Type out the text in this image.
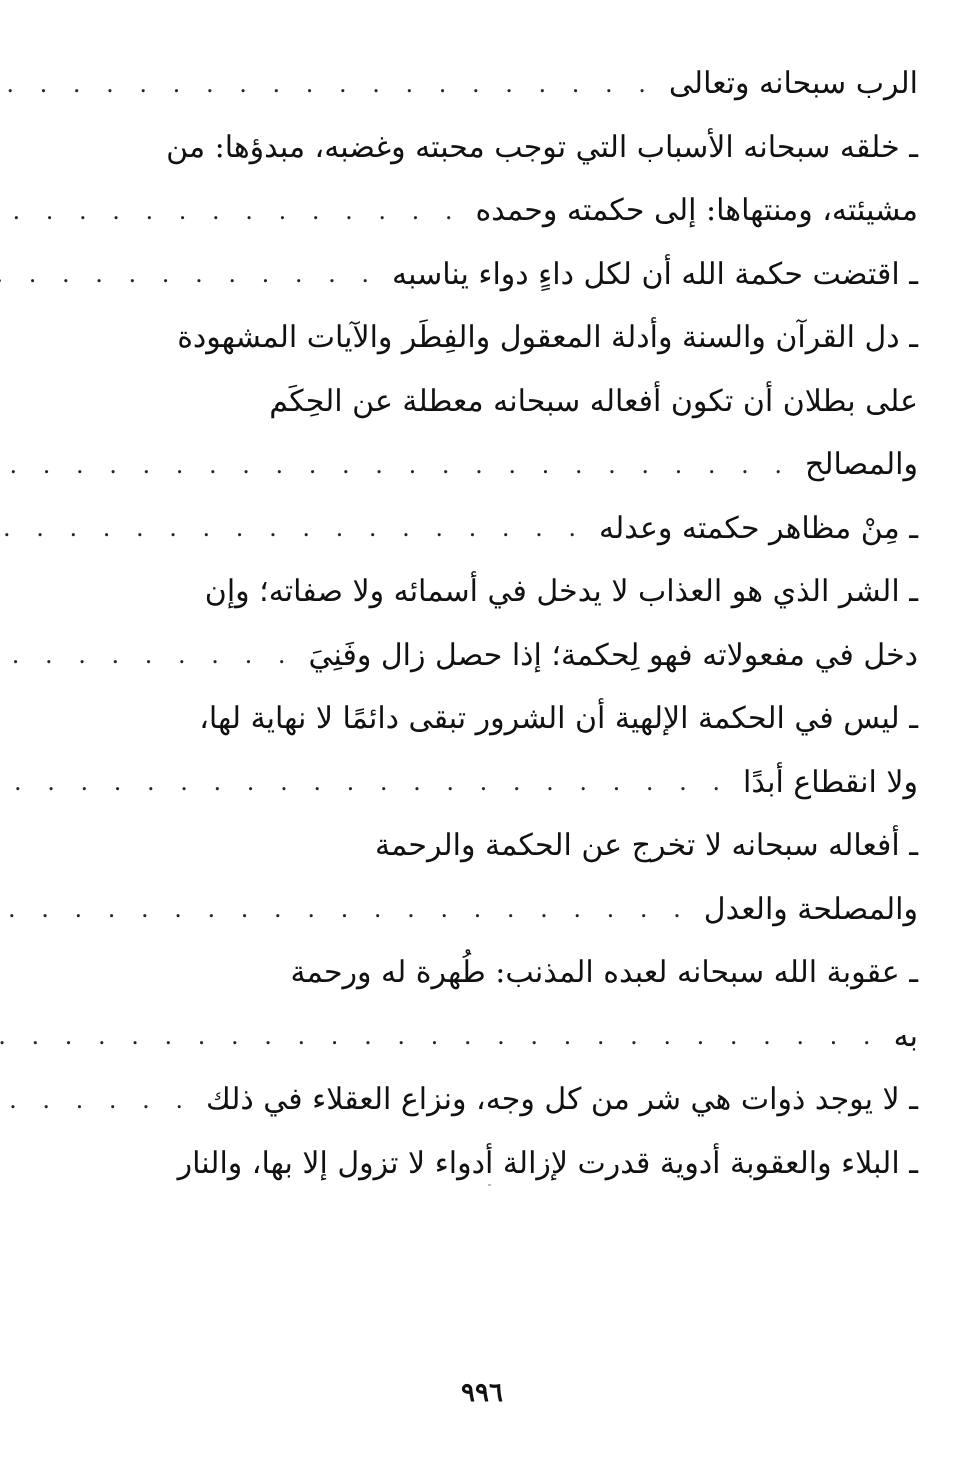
الرب سبحانه وتعالى
. . .
ـ خلقه سبحانه الأسباب التي توجب محبته وغضبه، مبدؤها: من
مشيئته، ومنتهاها: إلى حكمته وحمده
. . .
ـ اقتضت حكمة الله أن لكل داءٍ دواء يناسبه
. . .
ـ دل القرآن والسنة وأدلة المعقول والفِطَر والآيات المشهودة
على بطلان أن تكون أفعاله سبحانه معطلة عن الحِكَم
والمصالح
. . .
ـ مِنْ مظاهر حكمته وعدله
. . .
ـ الشر الذي هو العذاب لا يدخل في أسمائه ولا صفاته؛ وإن
دخل في مفعولاته فهو لِحكمة؛ إذا حصل زال وفَنِيَ
. . .
ـ ليس في الحكمة الإلهية أن الشرور تبقى دائمًا لا نهاية لها،
ولا انقطاع أبدًا
. . .
ـ أفعاله سبحانه لا تخرج عن الحكمة والرحمة
والمصلحة والعدل
. . .
ـ عقوبة الله سبحانه لعبده المذنب: طُهرة له ورحمة
به
. . .
ـ لا يوجد ذوات هي شر من كل وجه، ونزاع العقلاء في ذلك
. . .
ـ البلاء والعقوبة أدوية قدرت لإزالة أدواء لا تزول إلا بها، والنار
٩٩٦
